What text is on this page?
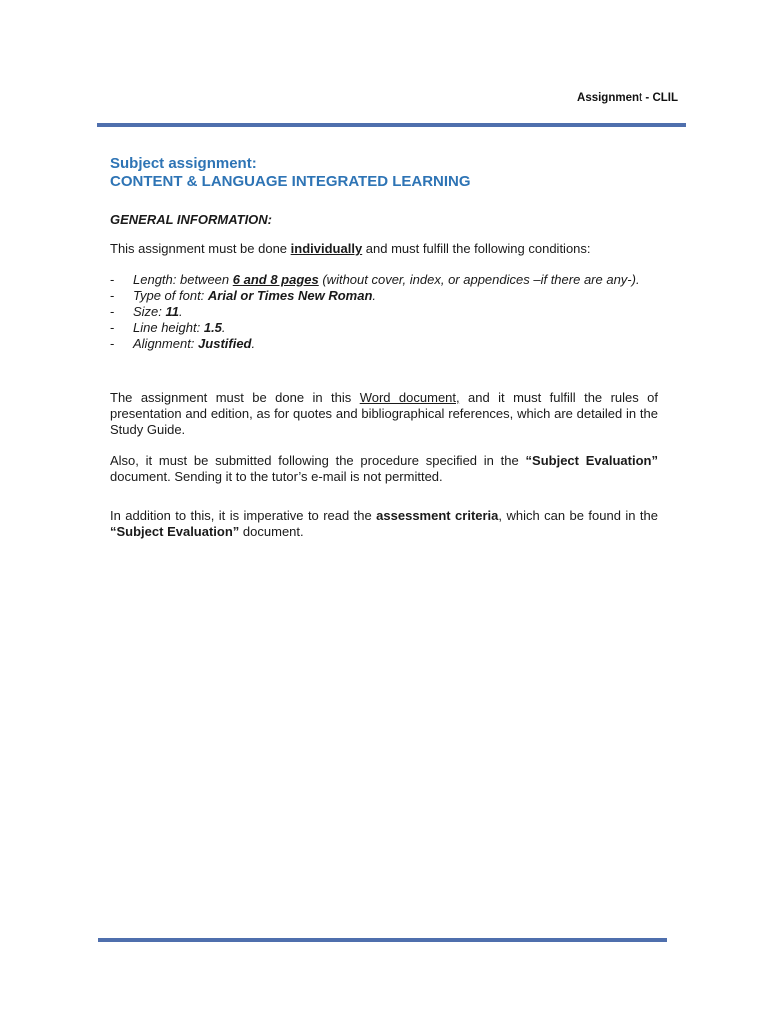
Assignment - CLIL

Subject assignment:

CONTENT & LANGUAGE INTEGRATED LEARNING

GENERAL INFORMATION:

This assignment must be done individually and must fulfill the following conditions:

- Length: between 6 and 8 pages (without cover, index, or appendices –if there are any-).
- Type of font: Arial or Times New Roman.
- Size: 11.
- Line height: 1.5.
- Alignment: Justified.

The assignment must be done in this Word document, and it must fulfill the rules of presentation and edition, as for quotes and bibliographical references, which are detailed in the Study Guide.

Also, it must be submitted following the procedure specified in the “Subject Evaluation” document. Sending it to the tutor’s e-mail is not permitted.

In addition to this, it is imperative to read the assessment criteria, which can be found in the “Subject Evaluation” document.
